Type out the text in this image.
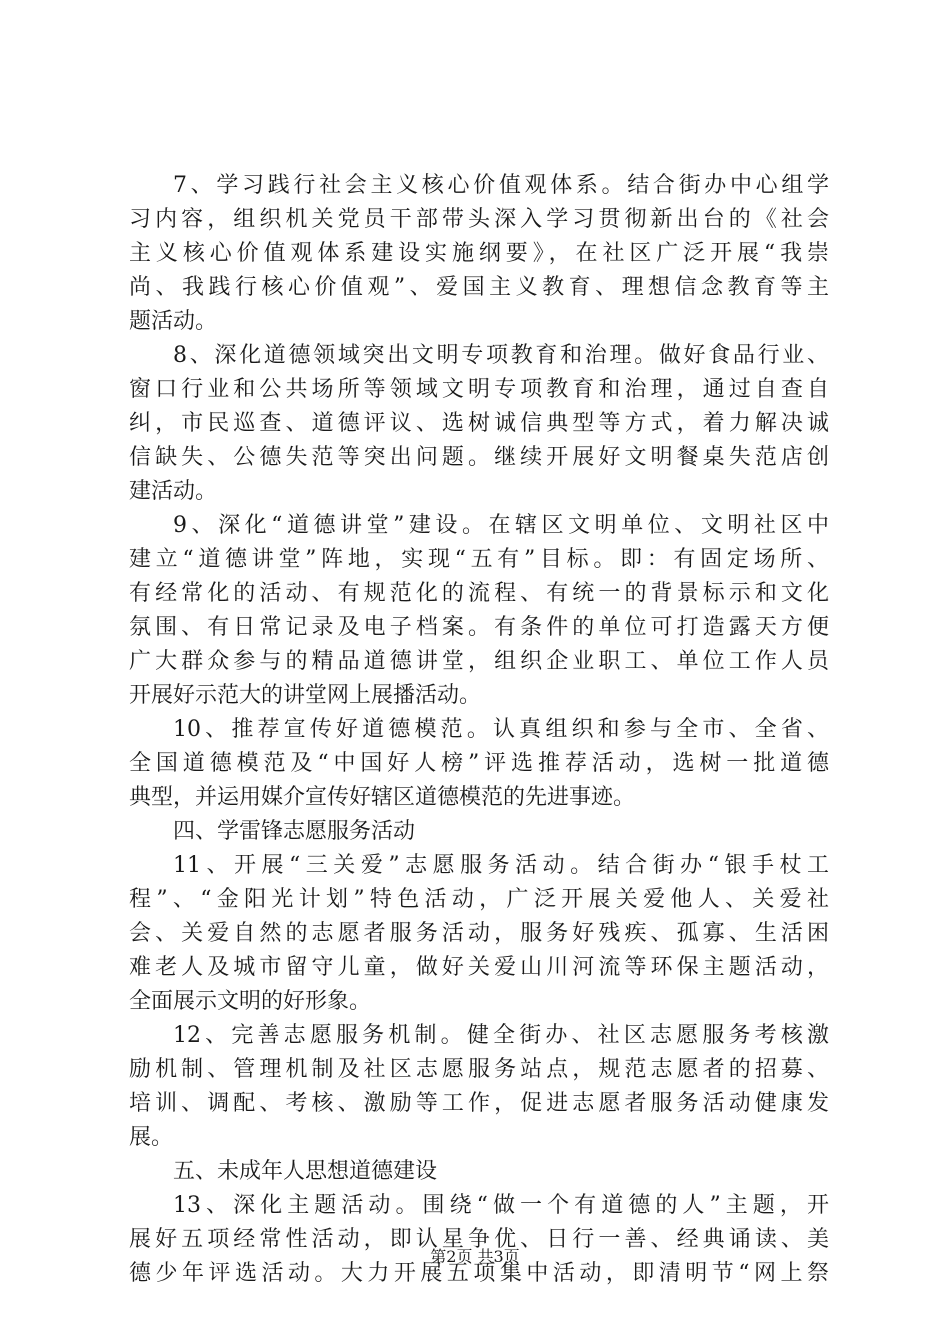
7、学习践行社会主义核心价值观体系。结合街办中心组学
习内容，组织机关党员干部带头深入学习贯彻新出台的《社会
主义核心价值观体系建设实施纲要》，在社区广泛开展“我崇
尚、我践行核心价值观”、爱国主义教育、理想信念教育等主
题活动。
8、深化道德领域突出文明专项教育和治理。做好食品行业、
窗口行业和公共场所等领域文明专项教育和治理，通过自查自
纠，市民巡查、道德评议、选树诚信典型等方式，着力解决诚
信缺失、公德失范等突出问题。继续开展好文明餐桌失范店创
建活动。
9、深化“道德讲堂”建设。在辖区文明单位、文明社区中
建立“道德讲堂”阵地，实现“五有”目标。即：有固定场所、
有经常化的活动、有规范化的流程、有统一的背景标示和文化
氛围、有日常记录及电子档案。有条件的单位可打造露天方便
广大群众参与的精品道德讲堂，组织企业职工、单位工作人员
开展好示范大的讲堂网上展播活动。
10、推荐宣传好道德模范。认真组织和参与全市、全省、
全国道德模范及“中国好人榜”评选推荐活动，选树一批道德
典型，并运用媒介宣传好辖区道德模范的先进事迹。
四、学雷锋志愿服务活动
11、开展“三关爱”志愿服务活动。结合街办“银手杖工
程”、“金阳光计划”特色活动，广泛开展关爱他人、关爱社
会、关爱自然的志愿者服务活动，服务好残疾、孤寡、生活困
难老人及城市留守儿童，做好关爱山川河流等环保主题活动，
全面展示文明的好形象。
12、完善志愿服务机制。健全街办、社区志愿服务考核激
励机制、管理机制及社区志愿服务站点，规范志愿者的招募、
培训、调配、考核、激励等工作，促进志愿者服务活动健康发
展。
五、未成年人思想道德建设
13、深化主题活动。围绕“做一个有道德的人”主题，开
展好五项经常性活动，即认星争优、日行一善、经典诵读、美
德少年评选活动。大力开展五项集中活动，即清明节“网上祭
第2页 共3页
